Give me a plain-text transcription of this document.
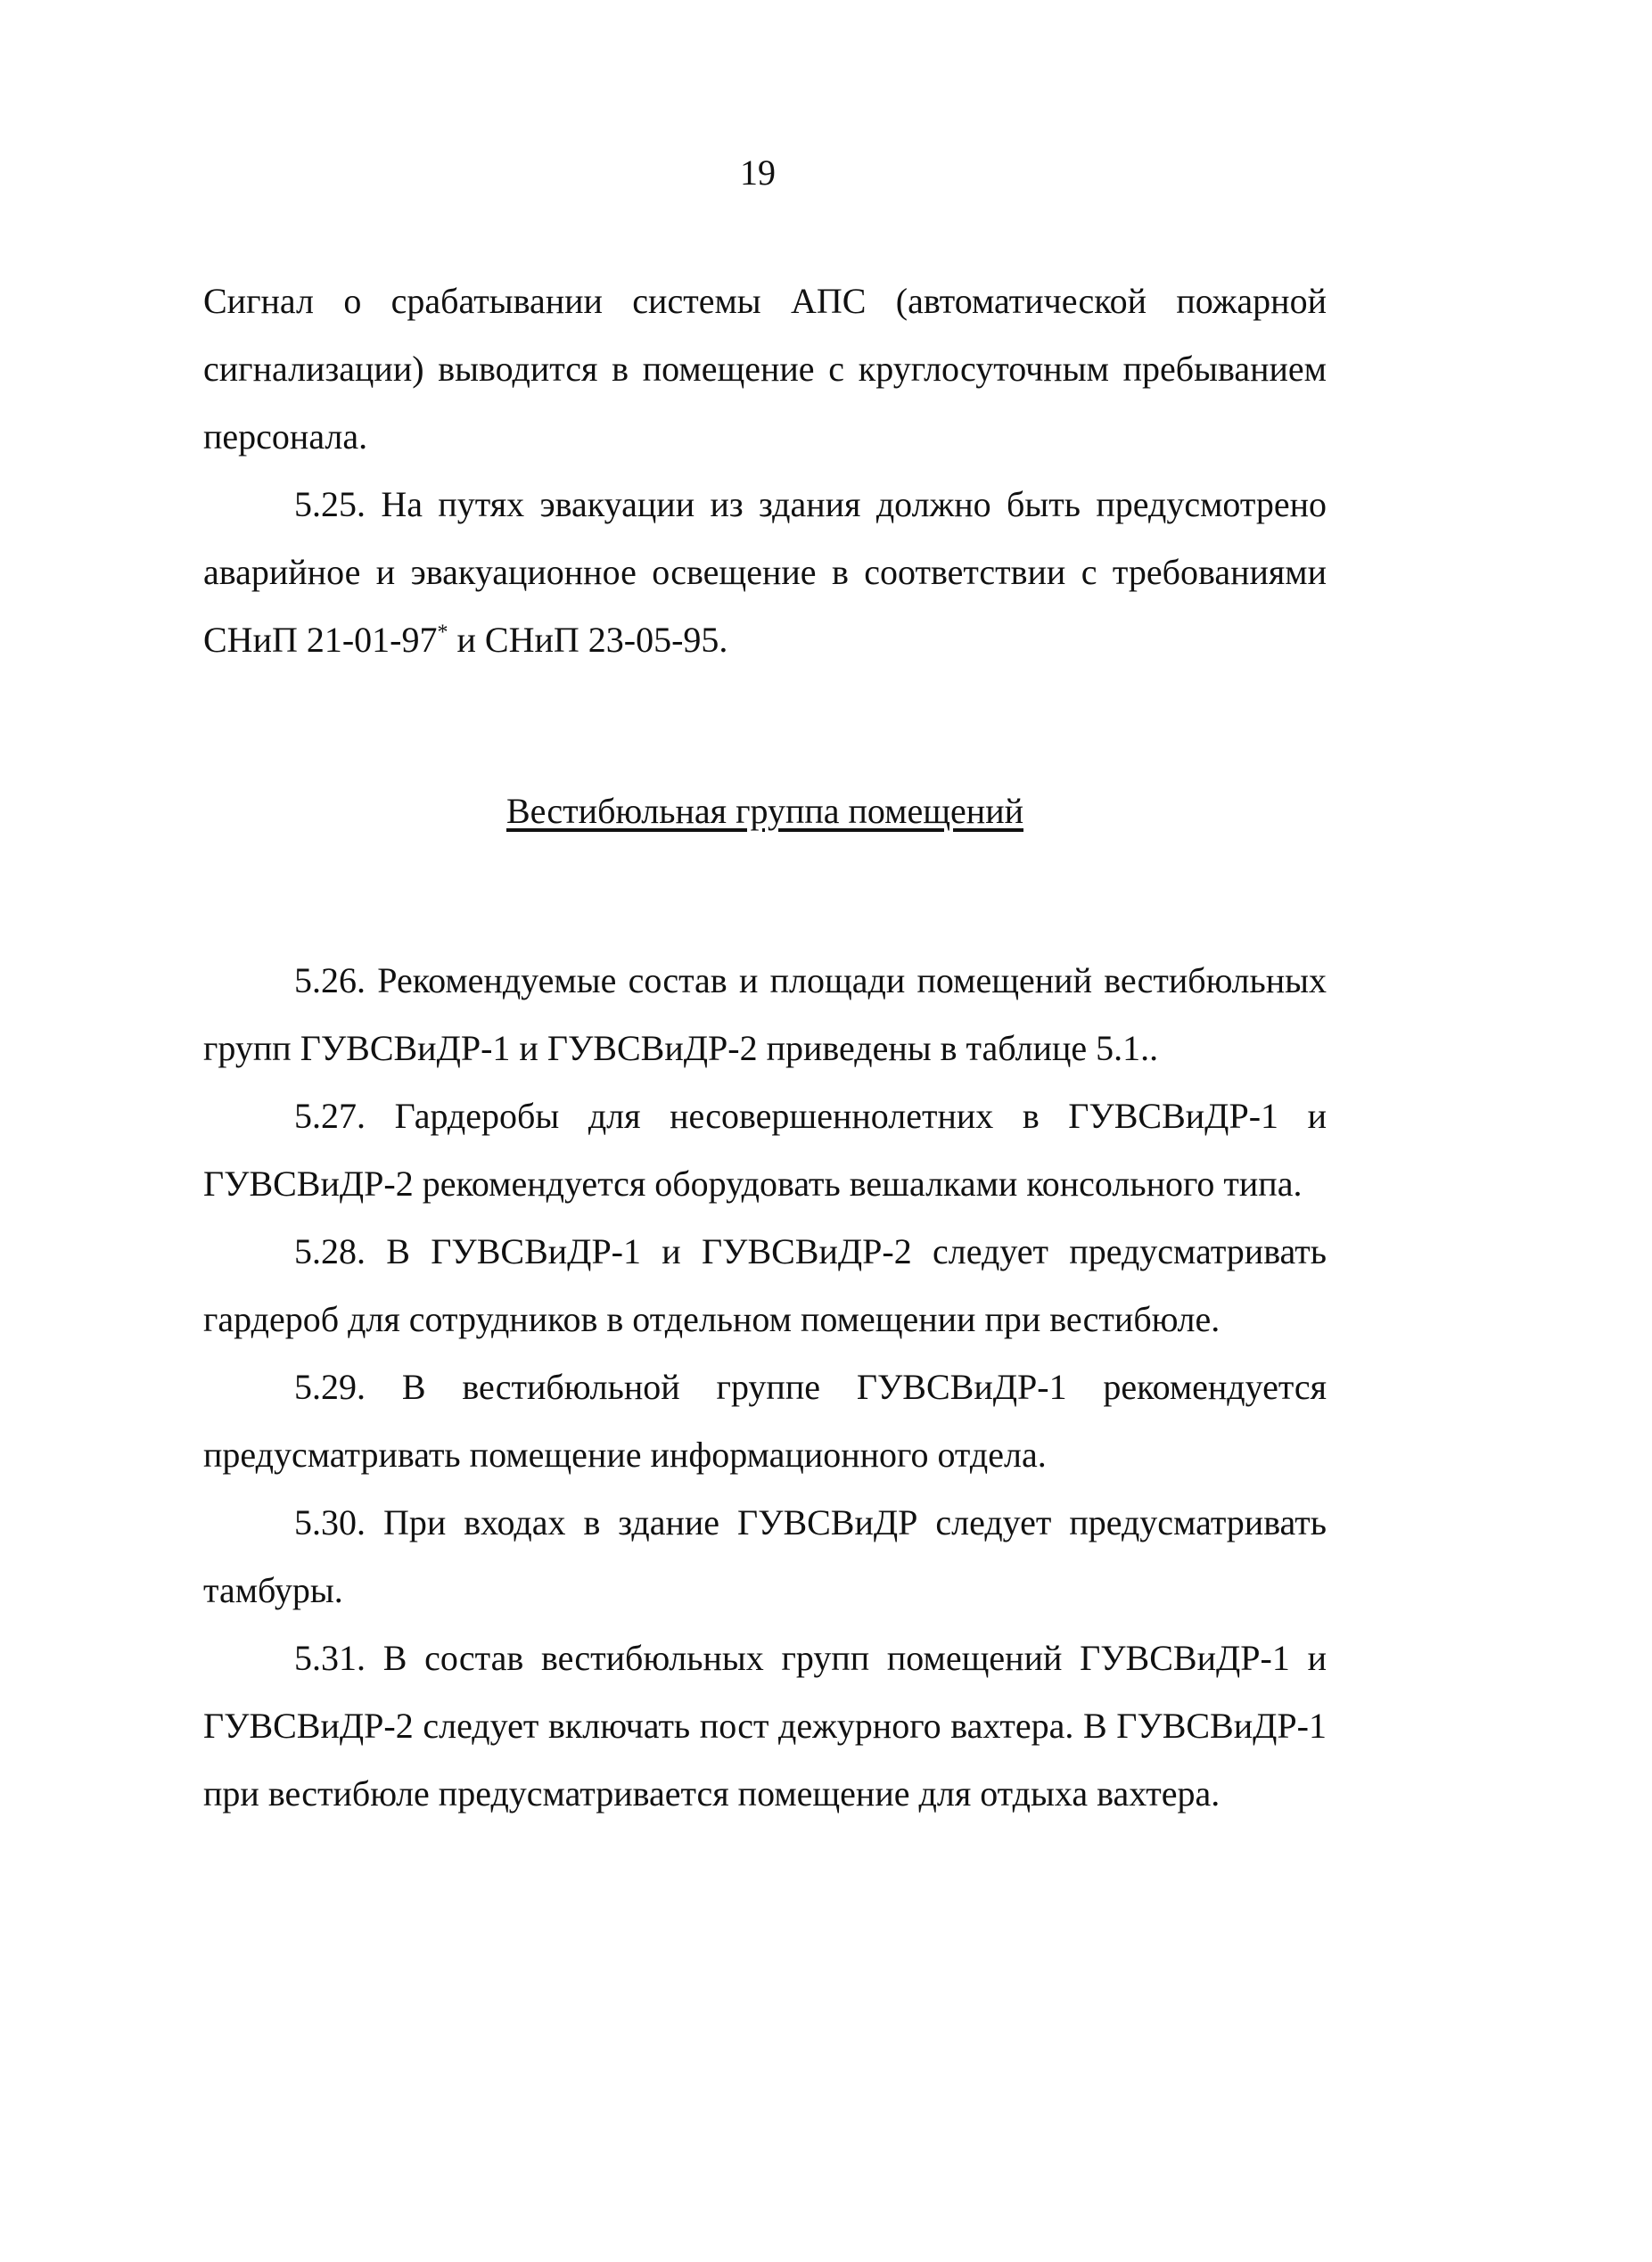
19

Сигнал о срабатывании системы АПС (автоматической пожарной сигнализации) выводится в помещение с круглосуточным пребыванием персонала.

5.25. На путях эвакуации из здания должно быть предусмотрено аварийное и эвакуационное освещение в соответствии с требованиями СНиП 21-01-97* и СНиП 23-05-95.

Вестибюльная группа помещений

5.26. Рекомендуемые состав и площади помещений вестибюльных групп ГУВСВиДР-1 и ГУВСВиДР-2 приведены в таблице 5.1..

5.27. Гардеробы для несовершеннолетних в ГУВСВиДР-1 и ГУВСВиДР-2 рекомендуется оборудовать вешалками консольного типа.

5.28. В ГУВСВиДР-1 и ГУВСВиДР-2 следует предусматривать гардероб для сотрудников в отдельном помещении при вестибюле.

5.29. В вестибюльной группе ГУВСВиДР-1 рекомендуется предусматривать помещение информационного отдела.

5.30. При входах в здание ГУВСВиДР следует предусматривать тамбуры.

5.31. В состав вестибюльных групп помещений ГУВСВиДР-1 и ГУВСВиДР-2 следует включать пост дежурного вахтера. В ГУВСВиДР-1 при вестибюле предусматривается помещение для отдыха вахтера.
